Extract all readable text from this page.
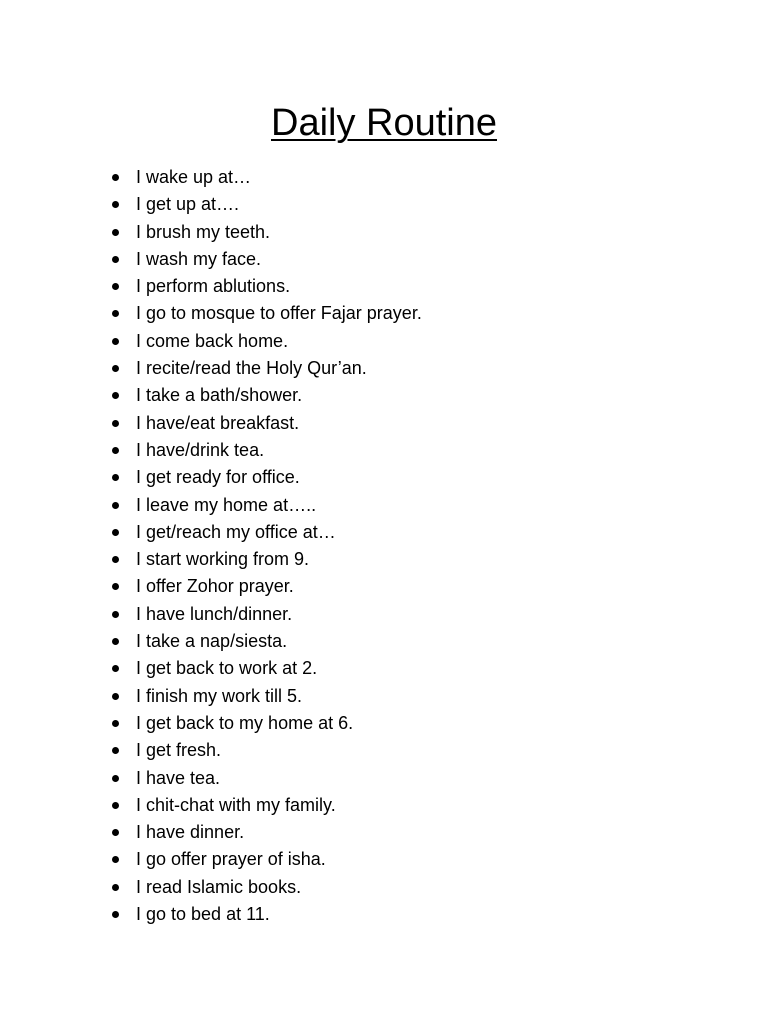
Daily Routine
I wake up at…
I get up at….
I brush my teeth.
I wash my face.
I perform ablutions.
I go to mosque to offer Fajar prayer.
I come back home.
I recite/read the Holy Qur’an.
I take a bath/shower.
I have/eat breakfast.
I have/drink tea.
I get ready for office.
I leave my home at…..
I get/reach my office at…
I start working from 9.
I offer Zohor prayer.
I have lunch/dinner.
I take a nap/siesta.
I get back to work at 2.
I finish my work till 5.
I get back to my home at 6.
I get fresh.
I have tea.
I chit-chat with my family.
I have dinner.
I go offer prayer of isha.
I read Islamic books.
I go to bed at 11.
